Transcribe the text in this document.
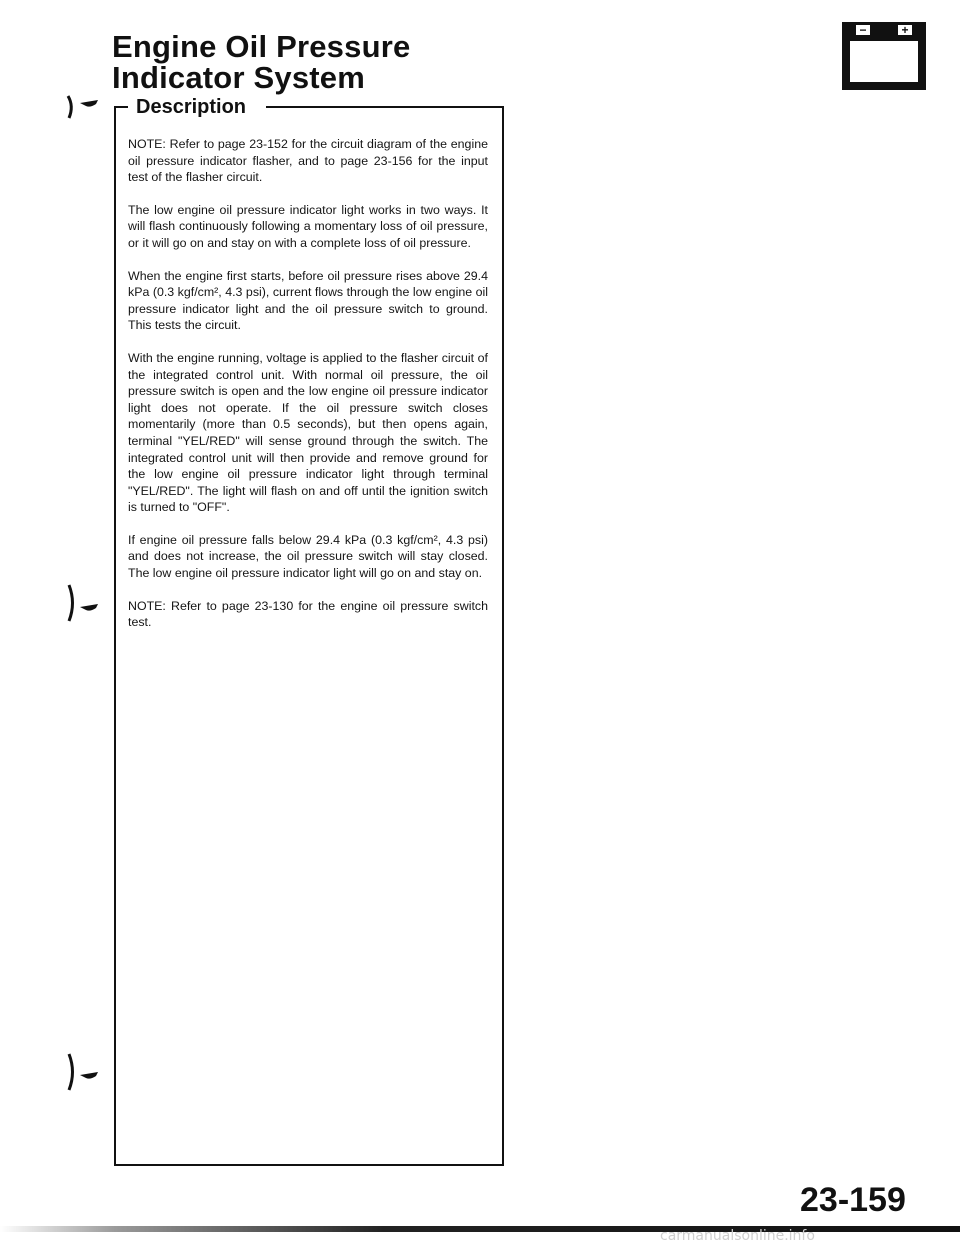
Engine Oil Pressure
Indicator System
−	+

NOTE: Refer to page 23-152 for the circuit diagram of the engine oil pressure indicator flasher, and to page 23-156 for the input test of the flasher circuit.

The low engine oil pressure indicator light works in two ways. It will flash continuously following a momentary loss of oil pressure, or it will go on and stay on with a complete loss of oil pressure.

When the engine first starts, before oil pressure rises above 29.4 kPa (0.3 kgf/cm², 4.3 psi), current flows through the low engine oil pressure indicator light and the oil pressure switch to ground. This tests the circuit.

With the engine running, voltage is applied to the flasher circuit of the integrated control unit. With normal oil pressure, the oil pressure switch is open and the low engine oil pressure indicator light does not operate. If the oil pressure switch closes momentarily (more than 0.5 seconds), but then opens again, terminal "YEL/RED" will sense ground through the switch. The integrated control unit will then provide and remove ground for the low engine oil pressure indicator light through terminal "YEL/RED". The light will flash on and off until the ignition switch is turned to "OFF".

If engine oil pressure falls below 29.4 kPa (0.3 kgf/cm², 4.3 psi) and does not increase, the oil pressure switch will stay closed. The low engine oil pressure indicator light will go on and stay on.

NOTE: Refer to page 23-130 for the engine oil pressure switch test.

Description
23-159
carmanualsonline.info
